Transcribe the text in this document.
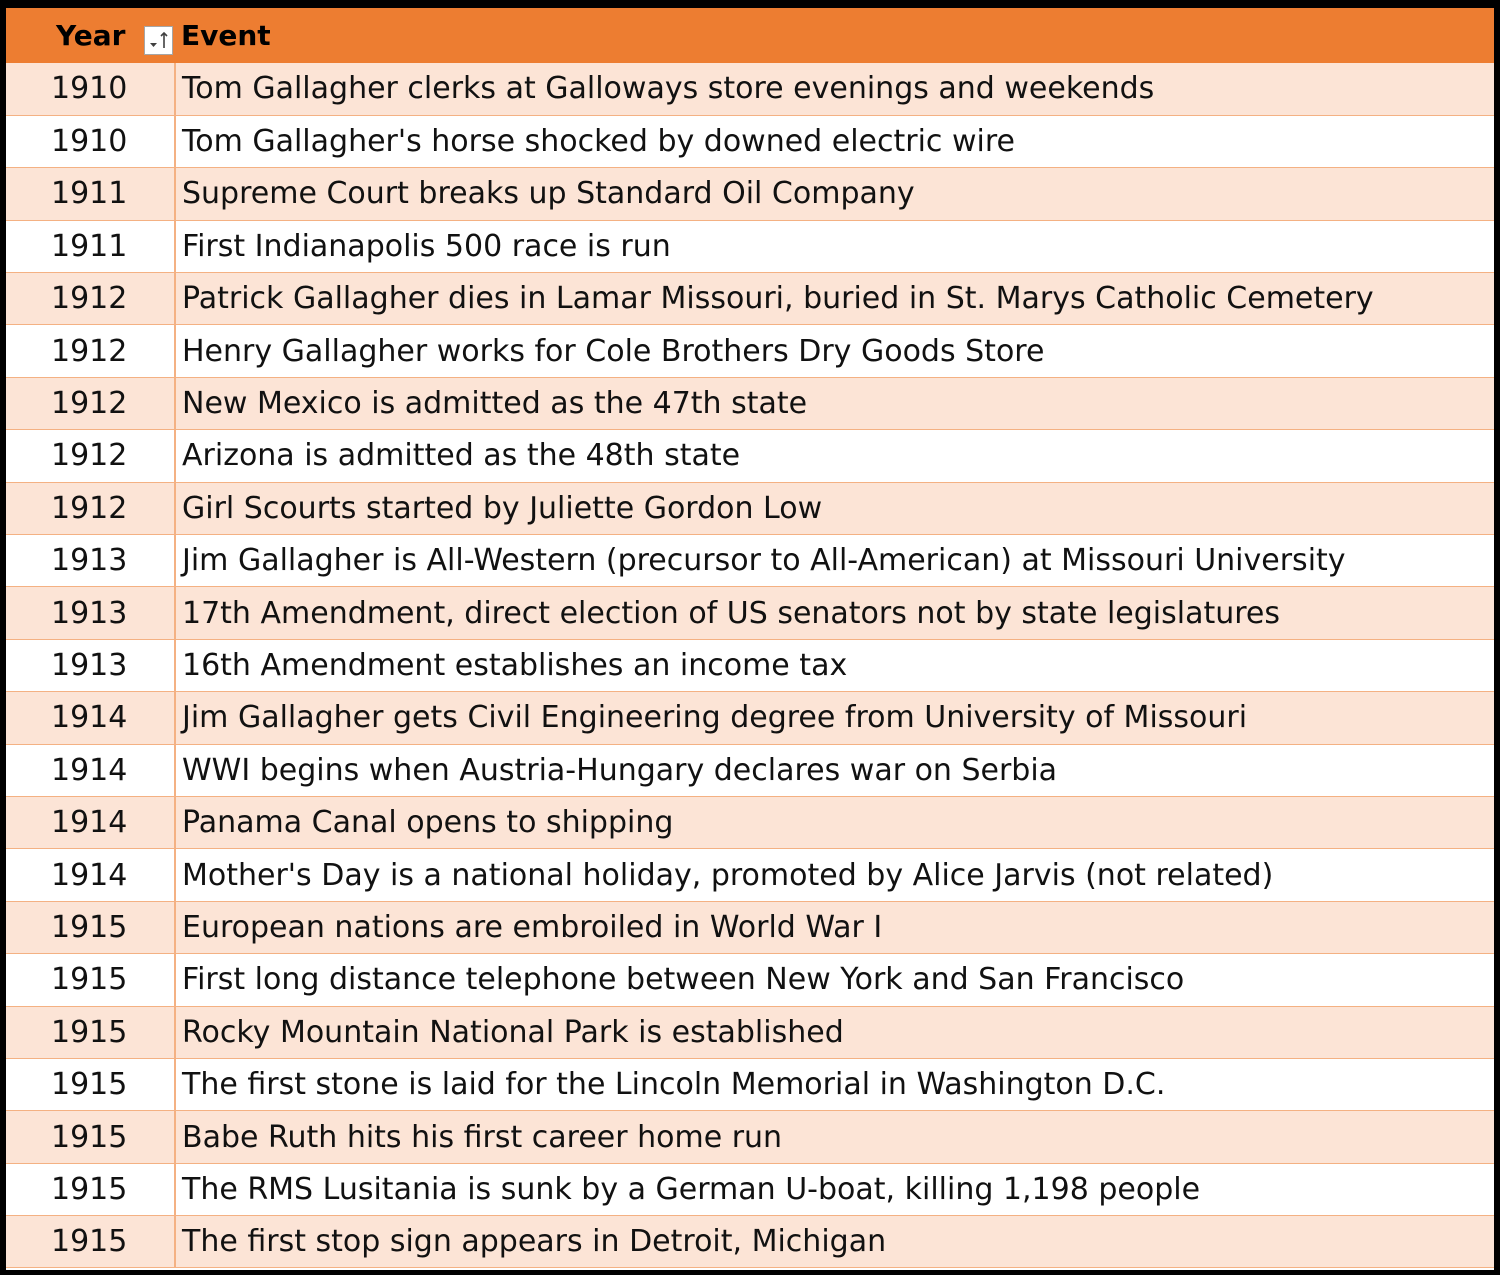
Year	Event
1910	Tom Gallagher clerks at Galloways store evenings and weekends
1910	Tom Gallagher's horse shocked by downed electric wire
1911	Supreme Court breaks up Standard Oil Company
1911	First Indianapolis 500 race is run
1912	Patrick Gallagher dies in Lamar Missouri, buried in St. Marys Catholic Cemetery
1912	Henry Gallagher works for Cole Brothers Dry Goods Store
1912	New Mexico is admitted as the 47th state
1912	Arizona is admitted as the 48th state
1912	Girl Scourts started by Juliette Gordon Low
1913	Jim Gallagher is All-Western (precursor to All-American) at Missouri University
1913	17th Amendment, direct election of US senators not by state legislatures
1913	16th Amendment establishes an income tax
1914	Jim Gallagher gets Civil Engineering degree from University of Missouri
1914	WWI begins when Austria-Hungary declares war on Serbia
1914	Panama Canal opens to shipping
1914	Mother's Day is a national holiday, promoted by Alice Jarvis (not related)
1915	European nations are embroiled in World War I
1915	First long distance telephone between New York and San Francisco
1915	Rocky Mountain National Park is established
1915	The first stone is laid for the Lincoln Memorial in Washington D.C.
1915	Babe Ruth hits his first career home run
1915	The RMS Lusitania is sunk by a German U-boat, killing 1,198 people
1915	The first stop sign appears in Detroit, Michigan
